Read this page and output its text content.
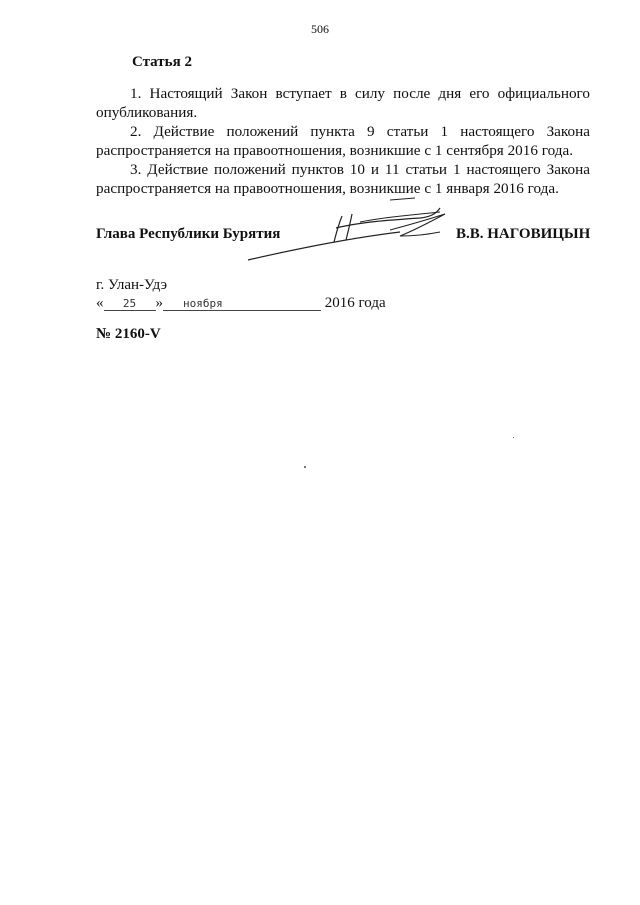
506
Статья 2

1. Настоящий Закон вступает в силу после дня его официального опубликования.

2. Действие положений пункта 9 статьи 1 настоящего Закона распространяется на правоотношения, возникшие с 1 сентября 2016 года.

3. Действие положений пунктов 10 и 11 статьи 1 настоящего Закона распространяется на правоотношения, возникшие с 1 января 2016 года.

Глава Республики Бурятия	В.В. НАГОВИЦЫН
г. Улан-Удэ
« 25 » ноября	2016 года
№ 2160-V
